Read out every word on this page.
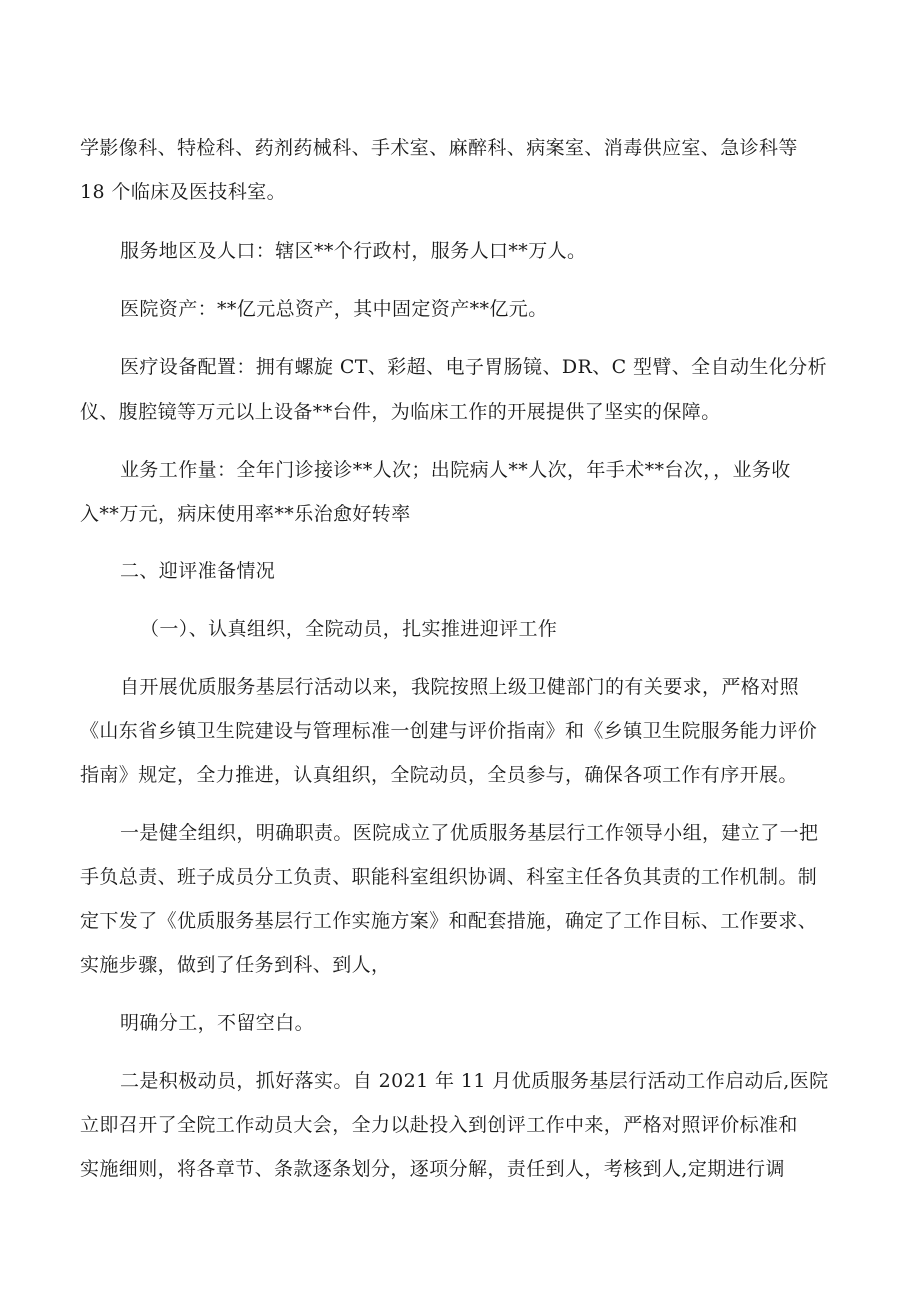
学影像科、特检科、药剂药械科、手术室、麻醉科、病案室、消毒供应室、急诊科等
18 个临床及医技科室。
服务地区及人口：辖区**个行政村，服务人口**万人。
医院资产：**亿元总资产，其中固定资产**亿元。
医疗设备配置：拥有螺旋 CT、彩超、电子胃肠镜、DR、C 型臂、全自动生化分析
仪、腹腔镜等万元以上设备**台件，为临床工作的开展提供了坚实的保障。
业务工作量：全年门诊接诊**人次；出院病人**人次，年手术**台次，，业务收
入**万元，病床使用率**乐治愈好转率
二、迎评准备情况
（一）、认真组织，全院动员，扎实推进迎评工作
自开展优质服务基层行活动以来，我院按照上级卫健部门的有关要求，严格对照
《山东省乡镇卫生院建设与管理标准一创建与评价指南》和《乡镇卫生院服务能力评价
指南》规定，全力推进，认真组织，全院动员，全员参与，确保各项工作有序开展。
一是健全组织，明确职责。医院成立了优质服务基层行工作领导小组，建立了一把
手负总责、班子成员分工负责、职能科室组织协调、科室主任各负其责的工作机制。制
定下发了《优质服务基层行工作实施方案》和配套措施，确定了工作目标、工作要求、
实施步骤，做到了任务到科、到人，
明确分工，不留空白。
二是积极动员，抓好落实。自 2021 年 11 月优质服务基层行活动工作启动后,医院
立即召开了全院工作动员大会，全力以赴投入到创评工作中来，严格对照评价标准和
实施细则，将各章节、条款逐条划分，逐项分解，责任到人，考核到人,定期进行调
